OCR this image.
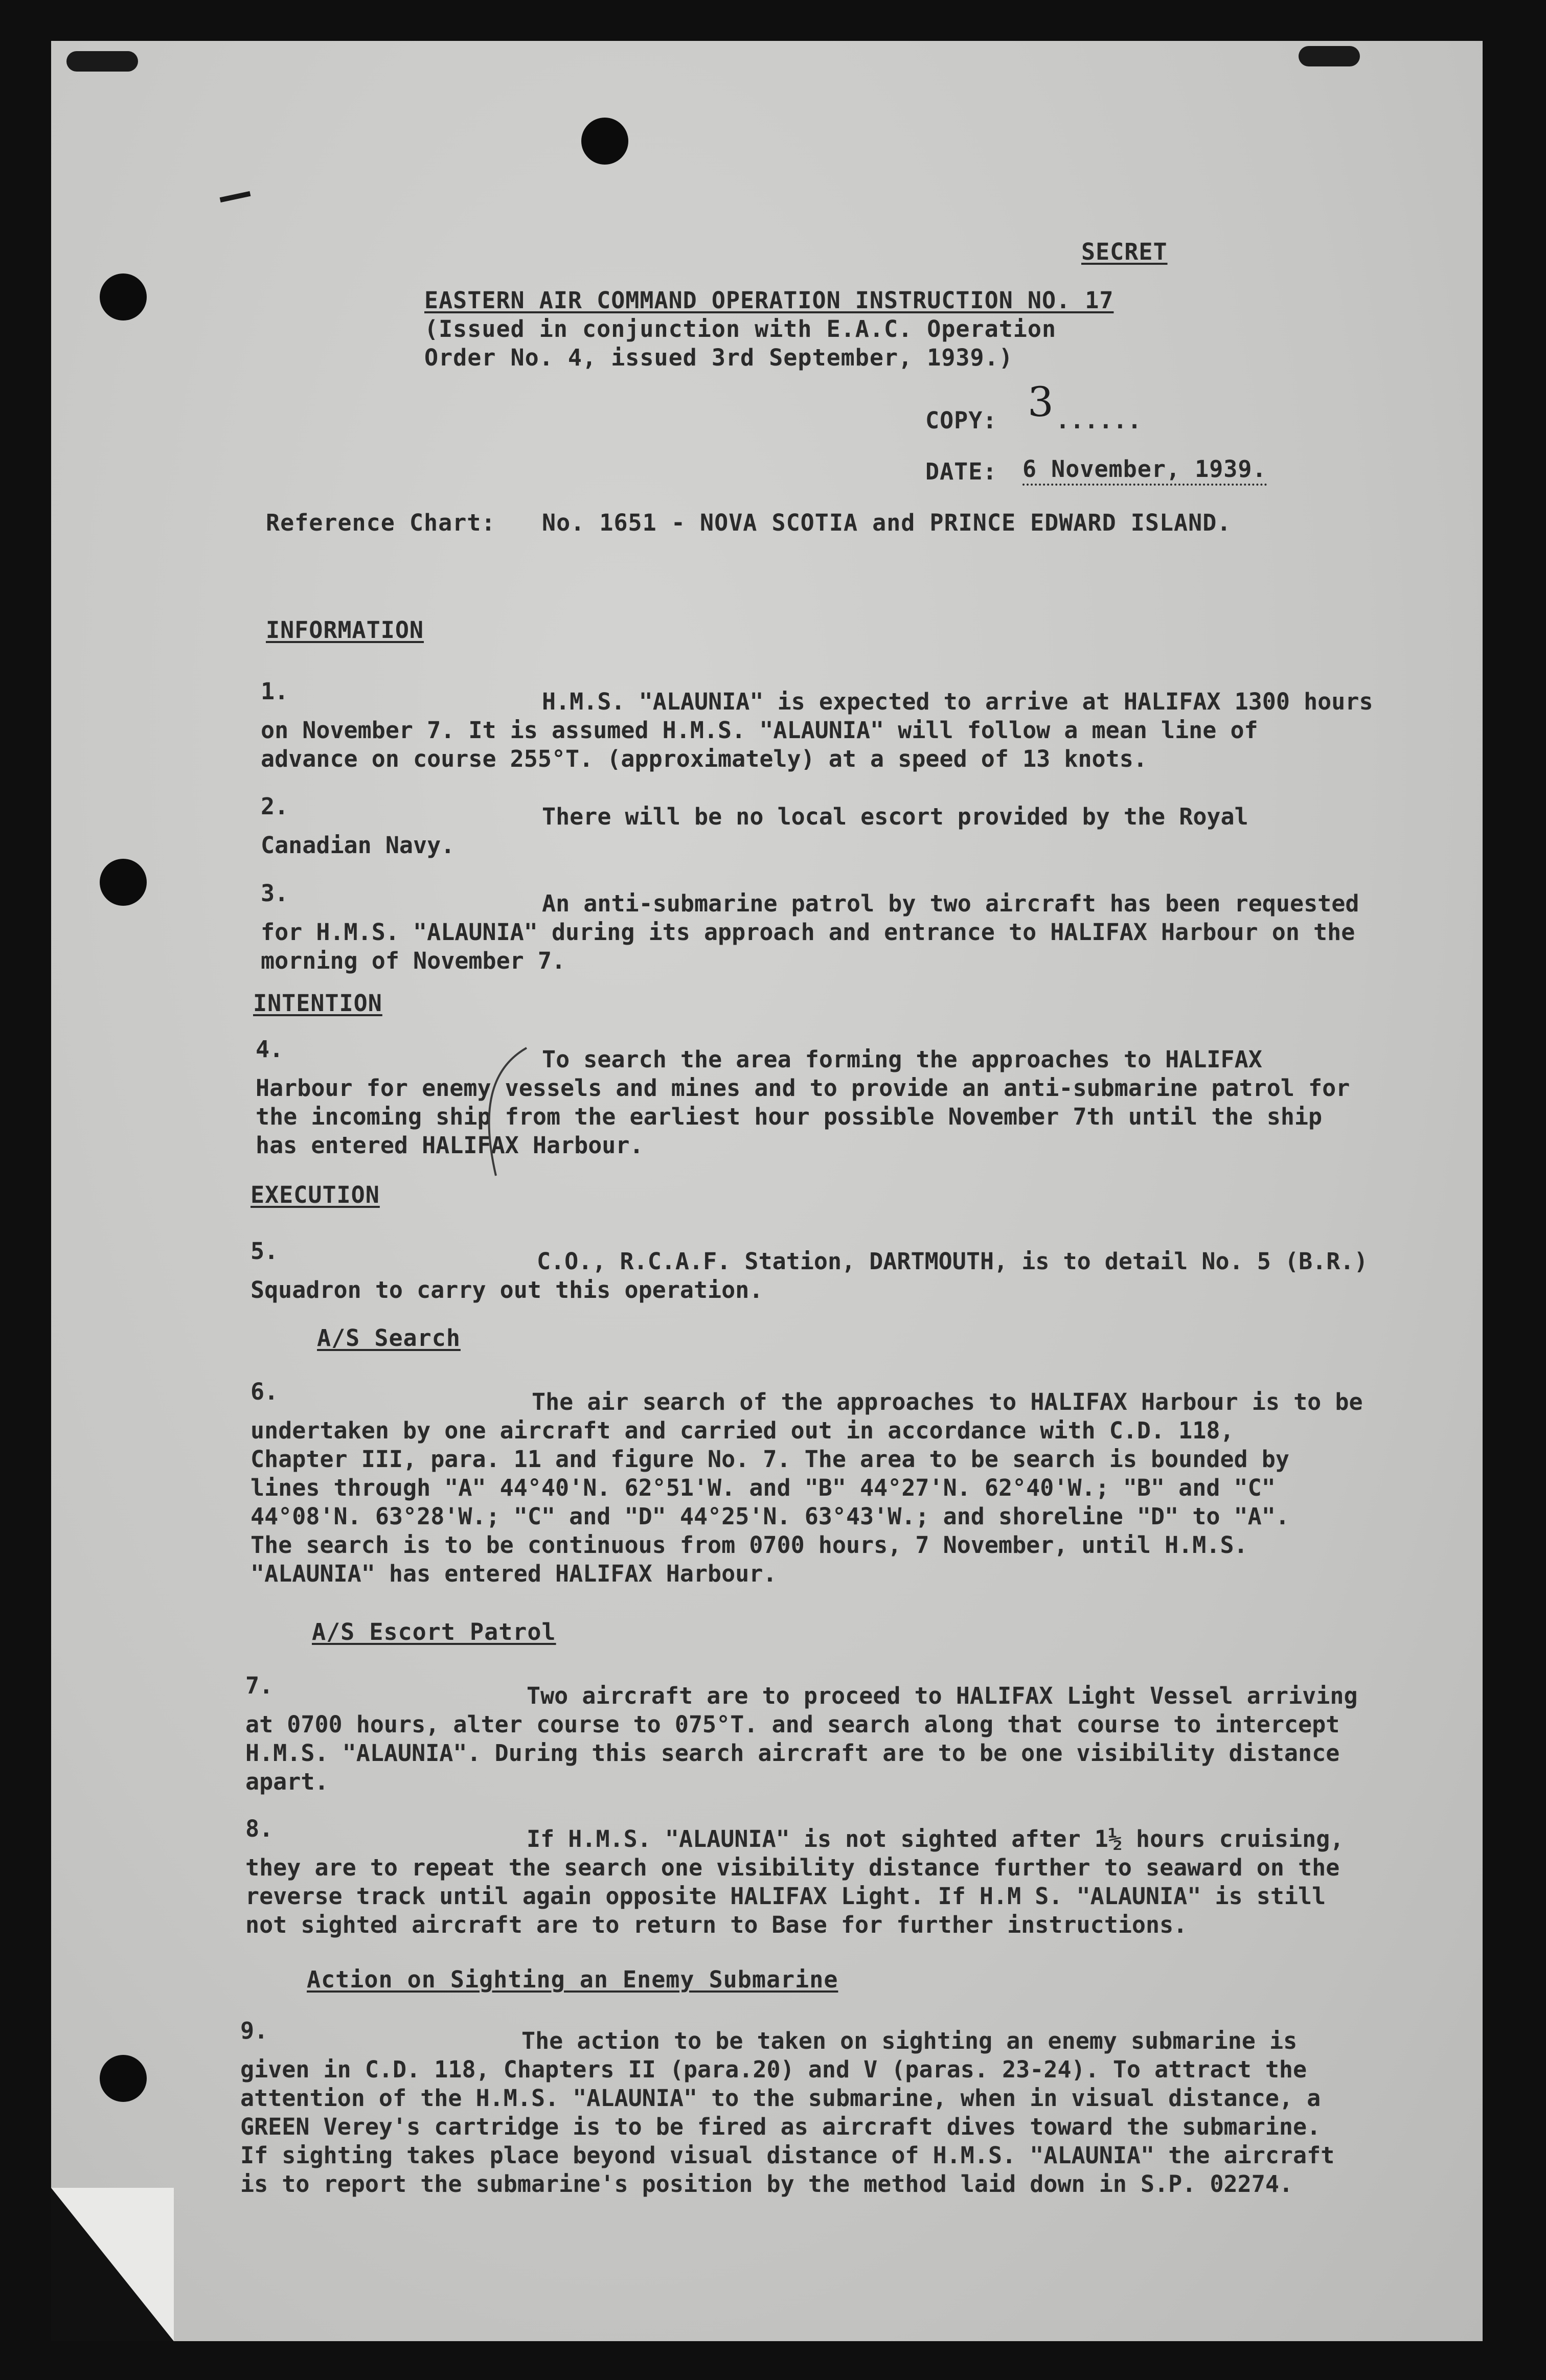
SECRET
EASTERN AIR COMMAND OPERATION INSTRUCTION NO. 17
(Issued in conjunction with E.A.C. Operation
Order No. 4, issued 3rd September, 1939.)
COPY: 3 ......
DATE: 6 November, 1939.
Reference Chart: No. 1651 - NOVA SCOTIA and PRINCE EDWARD ISLAND.
INFORMATION
1.	H.M.S. "ALAUNIA" is expected to arrive at HALIFAX 1300 hours
on November 7. It is assumed H.M.S. "ALAUNIA" will follow a mean line of
advance on course 255°T. (approximately) at a speed of 13 knots.
2.	There will be no local escort provided by the Royal
Canadian Navy.
3.	An anti-submarine patrol by two aircraft has been requested
for H.M.S. "ALAUNIA" during its approach and entrance to HALIFAX Harbour on the
morning of November 7.
INTENTION
4.	To search the area forming the approaches to HALIFAX
Harbour for enemy vessels and mines and to provide an anti-submarine patrol for
the incoming ship from the earliest hour possible November 7th until the ship
has entered HALIFAX Harbour.
EXECUTION
5.	C.O., R.C.A.F. Station, DARTMOUTH, is to detail No. 5 (B.R.)
Squadron to carry out this operation.
A/S Search
6.	The air search of the approaches to HALIFAX Harbour is to be
undertaken by one aircraft and carried out in accordance with C.D. 118,
Chapter III, para. 11 and figure No. 7. The area to be search is bounded by
lines through "A" 44°40'N. 62°51'W. and "B" 44°27'N. 62°40'W.; "B" and "C"
44°08'N. 63°28'W.; "C" and "D" 44°25'N. 63°43'W.; and shoreline "D" to "A".
The search is to be continuous from 0700 hours, 7 November, until H.M.S.
"ALAUNIA" has entered HALIFAX Harbour.
A/S Escort Patrol
7.	Two aircraft are to proceed to HALIFAX Light Vessel arriving
at 0700 hours, alter course to 075°T. and search along that course to intercept
H.M.S. "ALAUNIA". During this search aircraft are to be one visibility distance
apart.
8.	If H.M.S. "ALAUNIA" is not sighted after 1½ hours cruising,
they are to repeat the search one visibility distance further to seaward on the
reverse track until again opposite HALIFAX Light. If H.M S. "ALAUNIA" is still
not sighted aircraft are to return to Base for further instructions.
Action on Sighting an Enemy Submarine
9.	The action to be taken on sighting an enemy submarine is
given in C.D. 118, Chapters II (para.20) and V (paras. 23-24). To attract the
attention of the H.M.S. "ALAUNIA" to the submarine, when in visual distance, a
GREEN Verey's cartridge is to be fired as aircraft dives toward the submarine.
If sighting takes place beyond visual distance of H.M.S. "ALAUNIA" the aircraft
is to report the submarine's position by the method laid down in S.P. 02274.
